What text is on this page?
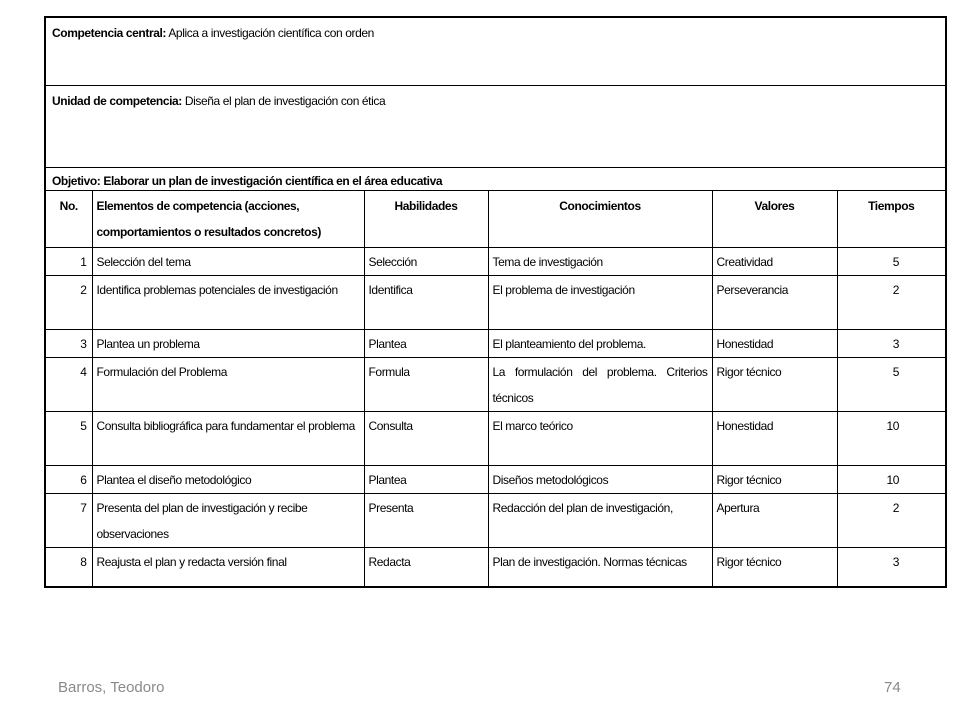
Competencia central: Aplica a investigación científica con orden					
Unidad de competencia: Diseña el plan de investigación con ética					
Objetivo: Elaborar un plan de investigación científica en el área educativa					
No.	Elementos de competencia (acciones, comportamientos o resultados concretos)	Habilidades	Conocimientos	Valores	Tiempos
1	Selección del tema	Selección	Tema de investigación	Creatividad	5
2	Identifica problemas potenciales de investigación	Identifica	El problema de investigación	Perseverancia	2
3	Plantea un problema	Plantea	El planteamiento del problema.	Honestidad	3
4	Formulación del Problema	Formula	La formulación del problema. Criterios técnicos	Rigor técnico	5
5	Consulta bibliográfica para fundamentar el problema	Consulta	El marco teórico	Honestidad	10
6	Plantea el diseño metodológico	Plantea	Diseños metodológicos	Rigor técnico	10
7	Presenta del plan de investigación y recibe observaciones	Presenta	Redacción del plan de investigación,	Apertura	2
8	Reajusta el plan y redacta versión final	Redacta	Plan de investigación. Normas técnicas	Rigor técnico	3
Barros, Teodoro	74
